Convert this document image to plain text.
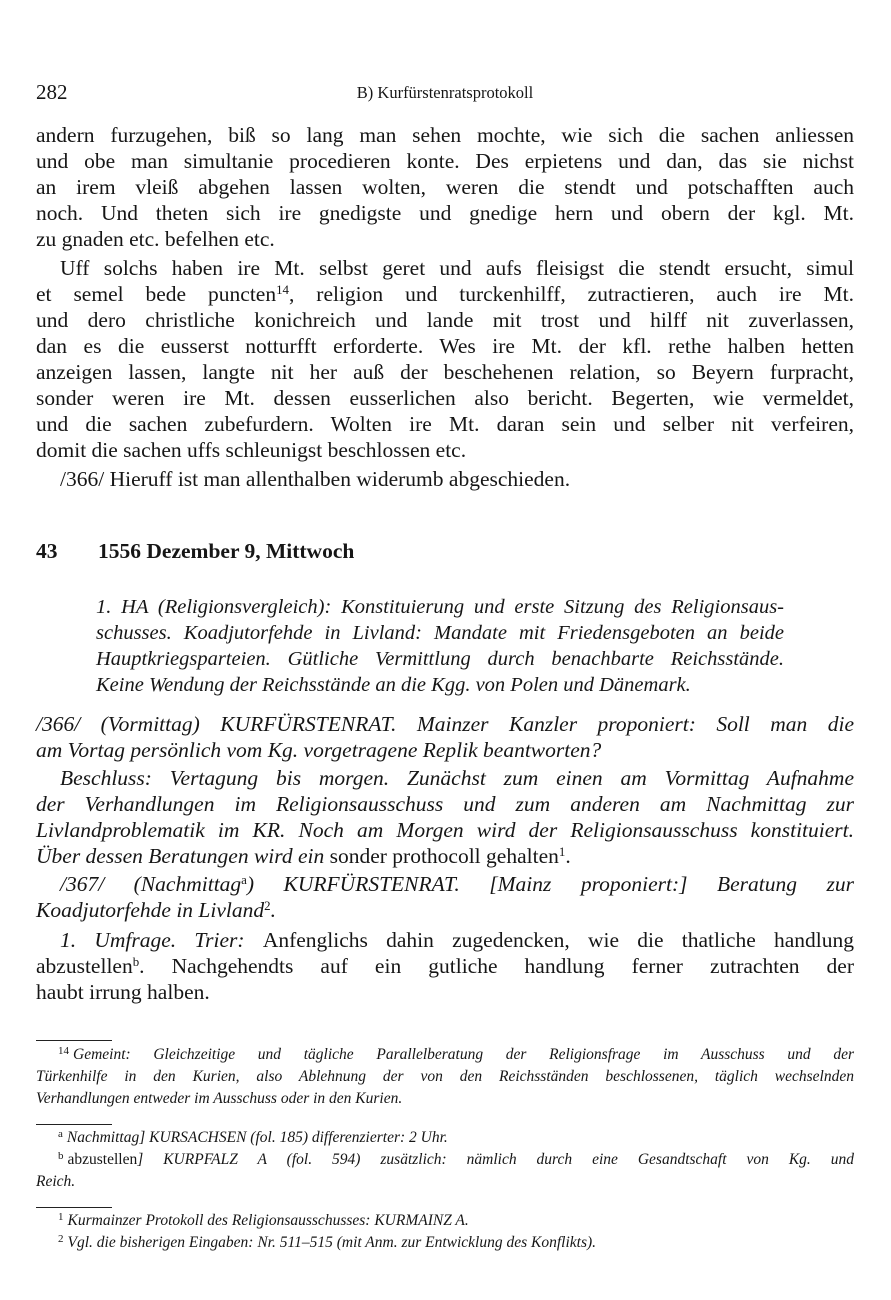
282	B) Kurfürstenratsprotokoll
andern furzugehen, biß so lang man sehen mochte, wie sich die sachen anliessen
und obe man simultanie procedieren konte. Des erpietens und dan, das sie nichst
an irem vleiß abgehen lassen wolten, weren die stendt und potschafften auch
noch. Und theten sich ire gnedigste und gnedige hern und obern der kgl. Mt.
zu gnaden etc. befelhen etc.
Uff solchs haben ire Mt. selbst geret und aufs fleisigst die stendt ersucht, simul
et semel bede puncten$^{14}$, religion und turckenhilff, zutractieren, auch ire Mt.
und dero christliche konichreich und lande mit trost und hilff nit zuverlassen,
dan es die eusserst notturfft erforderte. Wes ire Mt. der kfl. rethe halben hetten
anzeigen lassen, langte nit her auß der beschehenen relation, so Beyern furpracht,
sonder weren ire Mt. dessen eusserlichen also bericht. Begerten, wie vermeldet,
und die sachen zubefurdern. Wolten ire Mt. daran sein und selber nit verfeiren,
domit die sachen uffs schleunigst beschlossen etc.
/366/ Hieruff ist man allenthalben widerumb abgeschieden.
43 1556 Dezember 9, Mittwoch
1. HA (Religionsvergleich): Konstituierung und erste Sitzung des Religionsaus-
schusses. Koadjutorfehde in Livland: Mandate mit Friedensgeboten an beide
Hauptkriegsparteien. Gütliche Vermittlung durch benachbarte Reichsstände.
Keine Wendung der Reichsstände an die Kgg. von Polen und Dänemark.
/366/ (Vormittag) KURFÜRSTENRAT. Mainzer Kanzler proponiert: Soll man die
am Vortag persönlich vom Kg. vorgetragene Replik beantworten?
Beschluss: Vertagung bis morgen. Zunächst zum einen am Vormittag Aufnahme
der Verhandlungen im Religionsausschuss und zum anderen am Nachmittag zur
Livlandproblematik im KR. Noch am Morgen wird der Religionsausschuss konstituiert.
Über dessen Beratungen wird ein sonder prothocoll gehalten$^1$.
/367/ (Nachmittag$^a$) KURFÜRSTENRAT. [Mainz proponiert:] Beratung zur
Koadjutorfehde in Livland$^2$.
1. Umfrage. Trier: Anfenglichs dahin zugedencken, wie die thatliche handlung
abzustellen$^b$. Nachgehendts auf ein gutliche handlung ferner zutrachten der
haubt irrung halben.
$^{14}$ Gemeint: Gleichzeitige und tägliche Parallelberatung der Religionsfrage im Ausschuss und der
Türkenhilfe in den Kurien, also Ablehnung der von den Reichsständen beschlossenen, täglich wechselnden
Verhandlungen entweder im Ausschuss oder in den Kurien.
$^a$ Nachmittag] KURSACHSEN (fol. 185) differenzierter: 2 Uhr.
$^b$ abzustellen] KURPFALZ A (fol. 594) zusätzlich: nämlich durch eine Gesandtschaft von Kg. und
Reich.
$^1$ Kurmainzer Protokoll des Religionsausschusses: KURMAINZ A.
$^2$ Vgl. die bisherigen Eingaben: Nr. 511–515 (mit Anm. zur Entwicklung des Konflikts).
